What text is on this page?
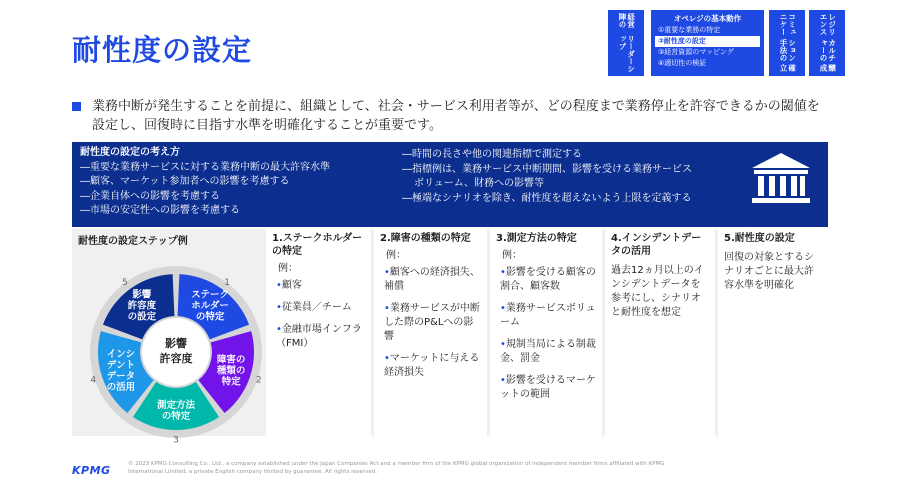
耐性度の設定
経営陣の
リーダーシップ
オペレジの基本動作
①重要な業務の特定
②耐性度の設定
③経営資源のマッピング
④適切性の検証
コミュニケー
ション手法の
確立
レジリエンス
カルチャーの
醸成
業務中断が発生することを前提に、組織として、社会・サービス利用者等が、どの程度まで業務停止を許容できるかの閾値を
設定し、回復時に目指す水準を明確化することが重要です。
耐性度の設定の考え方
―重要な業務サービスに対する業務中断の最大許容水準
―顧客、マーケット参加者への影響を考慮する
―企業自体への影響を考慮する
―市場の安定性への影響を考慮する
―時間の長さや他の関連指標で測定する
―指標例は、業務サービス中断期間、影響を受ける業務サービス
ボリューム、財務への影響等
―極端なシナリオを除き、耐性度を超えないよう上限を定義する
耐性度の設定ステップ例
ステーク
ホルダー
の特定
障害の
種類の
特定
測定方法
の特定
インシ
デント
データ
の活用
影響
許容度
の設定
影響
許容度
1
2
3
4
5
1.ステークホルダーの特定
例：
•顧客
•従業員／チーム
•金融市場インフラ（FMI）
2.障害の種類の特定
例：
•顧客への経済損失、補償
•業務サービスが中断した際のP&Lへの影響
•マーケットに与える経済損失
3.測定方法の特定
例：
•影響を受ける顧客の割合、顧客数
•業務サービスボリューム
•規制当局による制裁金、罰金
•影響を受けるマーケットの範囲
4.インシデントデータの活用
過去12ヵ月以上のインシデントデータを参考にし、シナリオと耐性度を想定
5.耐性度の設定
回復の対象とするシナリオごとに最大許容水準を明確化
KPMG	© 2023 KPMG Consulting Co., Ltd., a company established under the Japan Companies Act and a member firm of the KPMG global organization of independent member firms affiliated with KPMG International Limited, a private English company limited by guarantee. All rights reserved.
